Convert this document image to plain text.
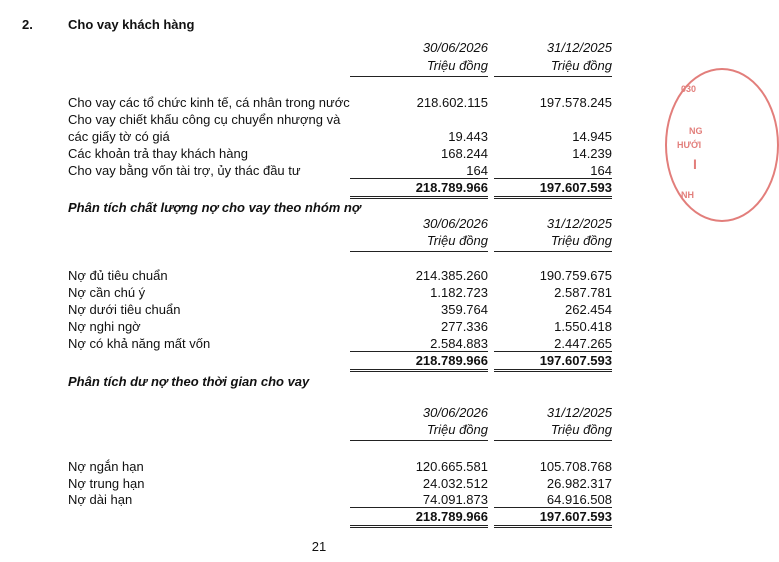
2.	Cho vay khách hàng
30/06/2026	31/12/2025
Triệu đồng	Triệu đồng
Cho vay các tổ chức kinh tế, cá nhân trong nước	218.602.115	197.578.245
Cho vay chiết khấu công cụ chuyển nhượng và
các giấy tờ có giá	19.443	14.945
Các khoản trả thay khách hàng	168.244	14.239
Cho vay bằng vốn tài trợ, ủy thác đầu tư	164	164
218.789.966	197.607.593
Phân tích chất lượng nợ cho vay theo nhóm nợ
30/06/2026	31/12/2025
Triệu đồng	Triệu đồng
Nợ đủ tiêu chuẩn	214.385.260	190.759.675
Nợ cần chú ý	1.182.723	2.587.781
Nợ dưới tiêu chuẩn	359.764	262.454
Nợ nghi ngờ	277.336	1.550.418
Nợ có khả năng mất vốn	2.584.883	2.447.265
218.789.966	197.607.593
Phân tích dư nợ theo thời gian cho vay
30/06/2026	31/12/2025
Triệu đồng	Triệu đồng
Nợ ngắn hạn	120.665.581	105.708.768
Nợ trung hạn	24.032.512	26.982.317
Nợ dài hạn	74.091.873	64.916.508
218.789.966	197.607.593
21
030
NG
HƯỚI
I
NH
